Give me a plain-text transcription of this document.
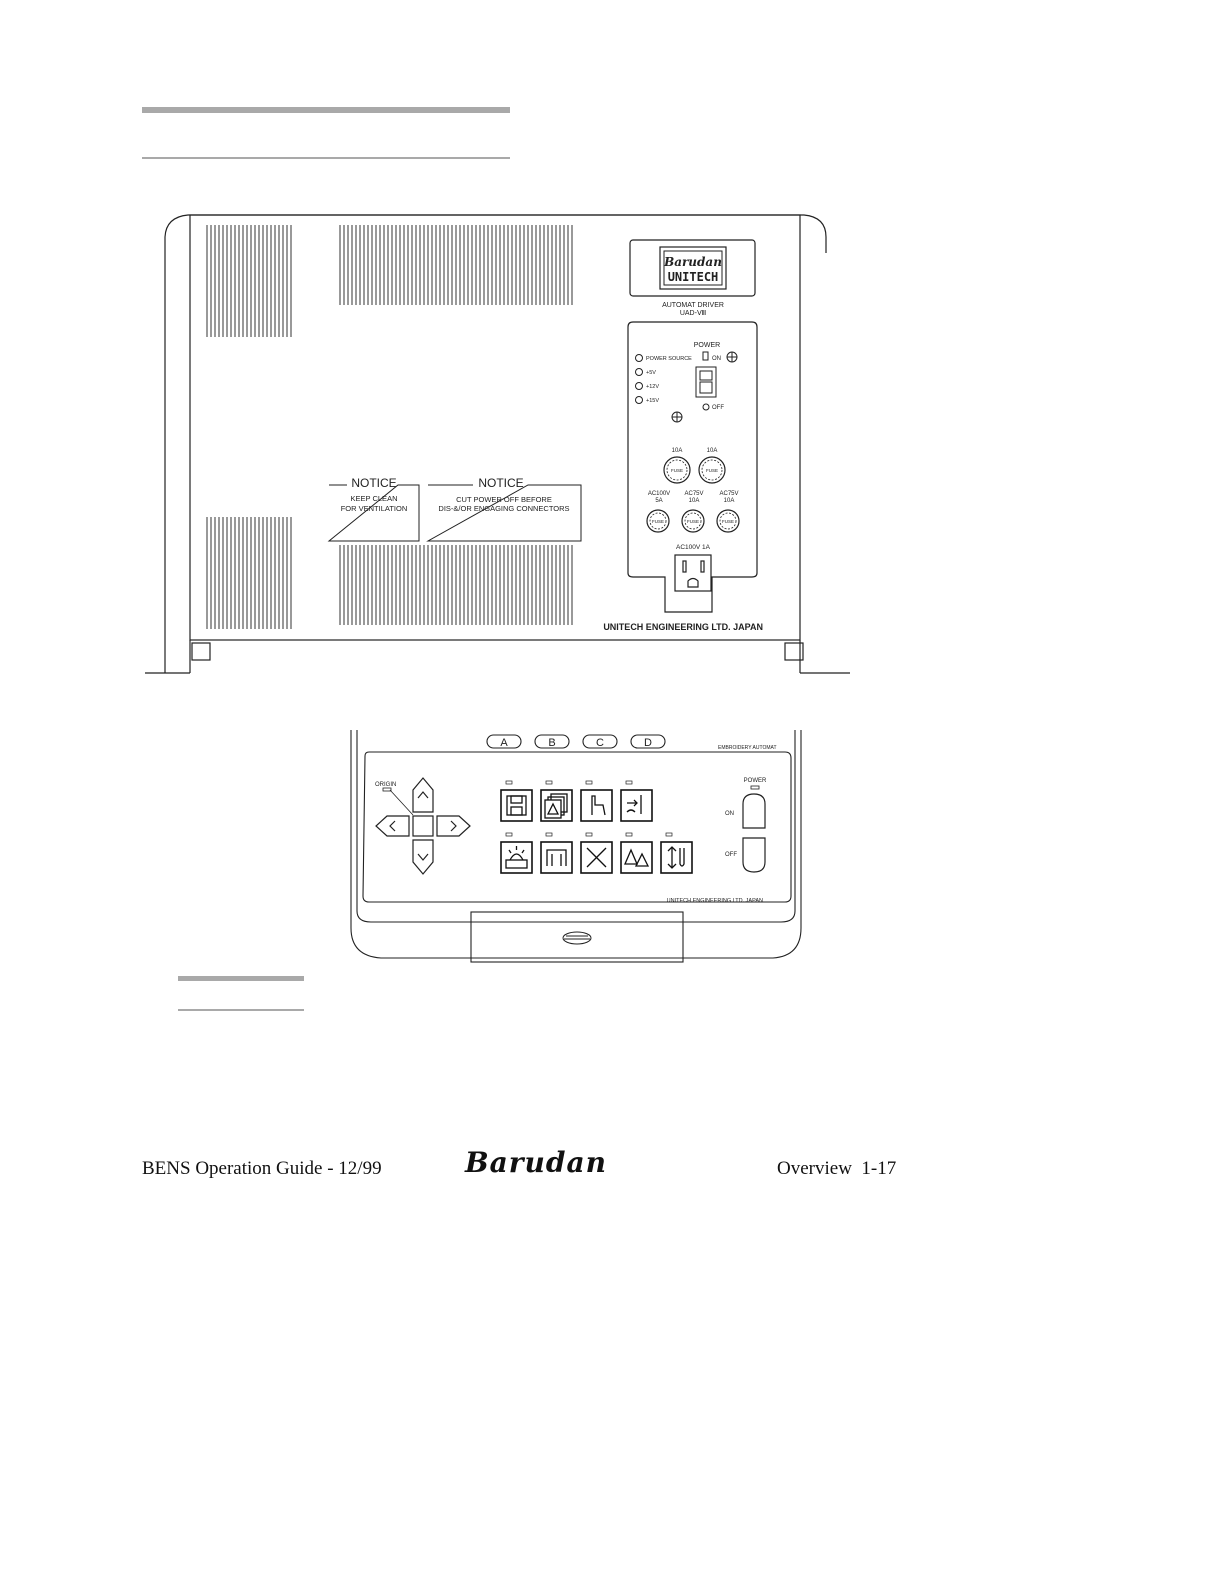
Barudan
UNITECH
AUTOMAT DRIVER
UAD-Ⅷ
POWER
ON
OFF
POWER SOURCE
+5V
+12V
+15V
10A
FUSE
10A
FUSE
AC100V
5A
FUSE
AC75V
10A
FUSE
AC75V
10A
FUSE
AC100V 1A
UNITECH ENGINEERING LTD. JAPAN
NOTICE
KEEP CLEAN
FOR VENTILATION
NOTICE
CUT POWER OFF BEFORE
DIS-&/OR ENGAGING CONNECTORS
A	B	C	D	EMBROIDERY AUTOMAT
ORIGIN
POWER
ON
OFF
UNITECH ENGINEERING LTD. JAPAN
BENS Operation Guide - 12/99	Barudan	Overview  1-17
